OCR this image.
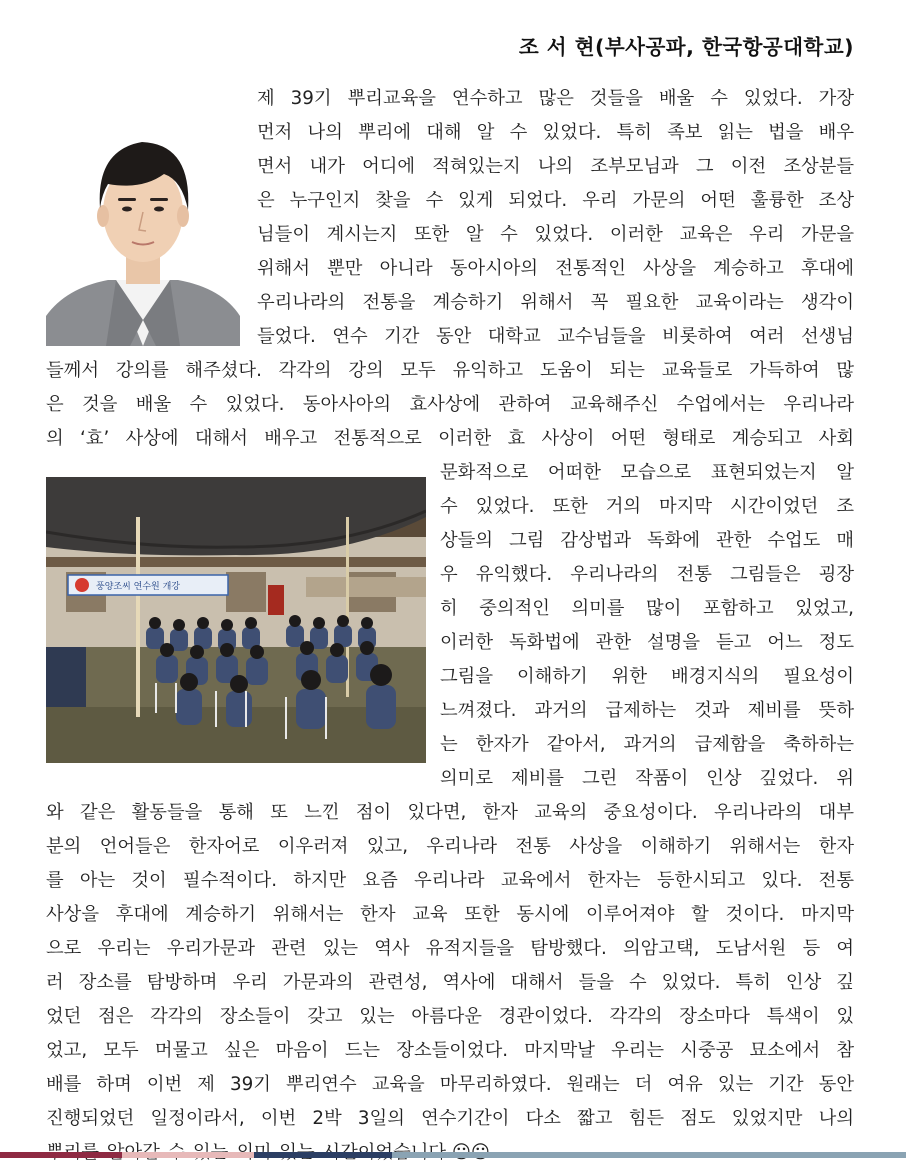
조 서 현(부사공파, 한국항공대학교)
풍양조씨 연수원 개강
제 39기 뿌리교육을 연수하고 많은 것들을 배울 수 있었다. 가장
먼저 나의 뿌리에 대해 알 수 있었다. 특히 족보 읽는 법을 배우
면서 내가 어디에 적혀있는지 나의 조부모님과 그 이전 조상분들
은 누구인지 찾을 수 있게 되었다. 우리 가문의 어떤 훌륭한 조상
님들이 계시는지 또한 알 수 있었다. 이러한 교육은 우리 가문을
위해서 뿐만 아니라 동아시아의 전통적인 사상을 계승하고 후대에
우리나라의 전통을 계승하기 위해서 꼭 필요한 교육이라는 생각이
들었다. 연수 기간 동안 대학교 교수님들을 비롯하여 여러 선생님
들께서 강의를 해주셨다. 각각의 강의 모두 유익하고 도움이 되는 교육들로 가득하여 많
은 것을 배울 수 있었다. 동아사아의 효사상에 관하여 교육해주신 수업에서는 우리나라
의 ‘효’ 사상에 대해서 배우고 전통적으로 이러한 효 사상이 어떤 형태로 계승되고 사회
문화적으로 어떠한 모습으로 표현되었는지 알
수 있었다. 또한 거의 마지막 시간이었던 조
상들의 그림 감상법과 독화에 관한 수업도 매
우 유익했다. 우리나라의 전통 그림들은 굉장
히 중의적인 의미를 많이 포함하고 있었고,
이러한 독화법에 관한 설명을 듣고 어느 정도
그림을 이해하기 위한 배경지식의 필요성이
느껴졌다. 과거의 급제하는 것과 제비를 뜻하
는 한자가 같아서, 과거의 급제함을 축하하는
의미로 제비를 그린 작품이 인상 깊었다. 위
와 같은 활동들을 통해 또 느낀 점이 있다면, 한자 교육의 중요성이다. 우리나라의 대부
분의 언어들은 한자어로 이우러져 있고, 우리나라 전통 사상을 이해하기 위해서는 한자
를 아는 것이 필수적이다. 하지만 요즘 우리나라 교육에서 한자는 등한시되고 있다. 전통
사상을 후대에 계승하기 위해서는 한자 교육 또한 동시에 이루어져야 할 것이다. 마지막
으로 우리는 우리가문과 관련 있는 역사 유적지들을 탐방했다. 의암고택, 도남서원 등 여
러 장소를 탐방하며 우리 가문과의 관련성, 역사에 대해서 들을 수 있었다. 특히 인상 깊
었던 점은 각각의 장소들이 갖고 있는 아름다운 경관이었다. 각각의 장소마다 특색이 있
었고, 모두 머물고 싶은 마음이 드는 장소들이었다. 마지막날 우리는 시중공 묘소에서 참
배를 하며 이번 제 39기 뿌리연수 교육을 마무리하였다. 원래는 더 여유 있는 기간 동안
진행되었던 일정이라서, 이번 2박 3일의 연수기간이 다소 짧고 힘든 점도 있었지만 나의
